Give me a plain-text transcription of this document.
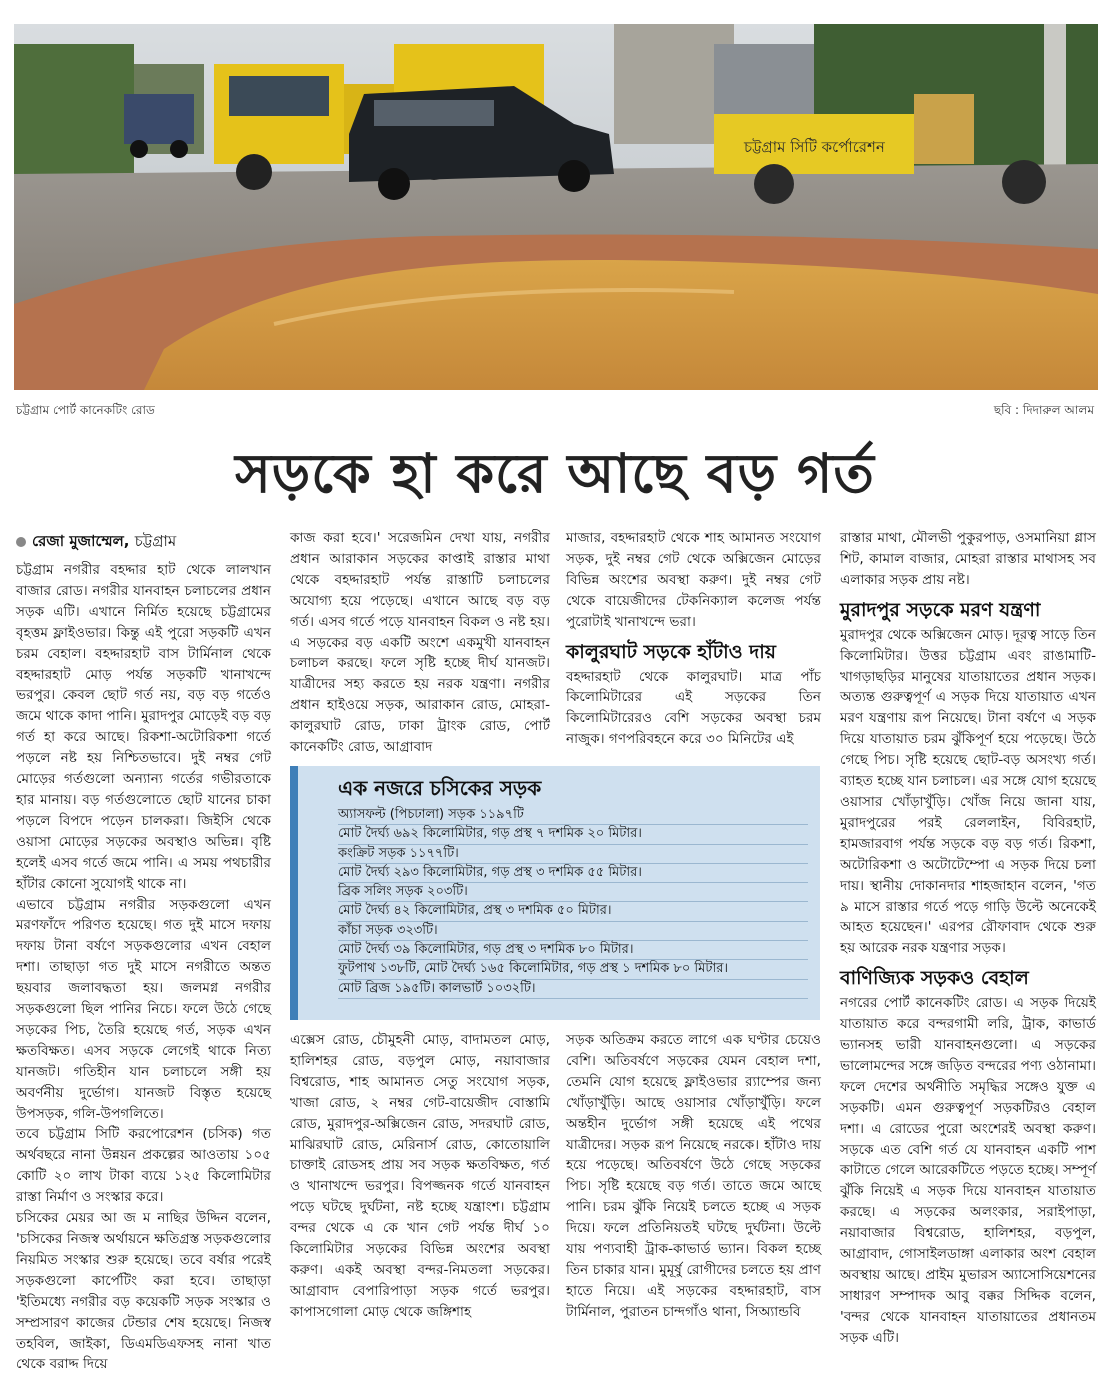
চট্টগ্রাম সিটি কর্পোরেশন
চট্টগ্রাম পোর্ট কানেকটিং রোড	ছবি : দিদারুল আলম
সড়কে হা করে আছে বড় গর্ত
রেজা মুজাম্মেল, চট্টগ্রাম

চট্টগ্রাম নগরীর বহদ্দার হাট থেকে লালখান বাজার রোড। নগরীর যানবাহন চলাচলের প্রধান সড়ক এটি। এখানে নির্মিত হয়েছে চট্টগ্রামের বৃহত্তম ফ্লাইওভার। কিন্তু এই পুরো সড়কটি এখন চরম বেহাল। বহদ্দারহাট বাস টার্মিনাল থেকে বহদ্দারহাট মোড় পর্যন্ত সড়কটি খানাখন্দে ভরপুর। কেবল ছোট গর্ত নয়, বড় বড় গর্তেও জমে থাকে কাদা পানি। মুরাদপুর মোড়েই বড় বড় গর্ত হা করে আছে। রিকশা-অটোরিকশা গর্তে পড়লে নষ্ট হয় নিশ্চিতভাবে। দুই নম্বর গেট মোড়ের গর্তগুলো অন্যান্য গর্তের গভীরতাকে হার মানায়। বড় গর্তগুলোতে ছোট যানের চাকা পড়লে বিপদে পড়েন চালকরা। জিইসি থেকে ওয়াসা মোড়ের সড়কের অবস্থাও অভিন্ন। বৃষ্টি হলেই এসব গর্তে জমে পানি। এ সময় পথচারীর হাঁটার কোনো সুযোগই থাকে না।

এভাবে চট্টগ্রাম নগরীর সড়কগুলো এখন মরণফাঁদে পরিণত হয়েছে। গত দুই মাসে দফায় দফায় টানা বর্ষণে সড়কগুলোর এখন বেহাল দশা। তাছাড়া গত দুই মাসে নগরীতে অন্তত ছয়বার জলাবদ্ধতা হয়। জলমগ্ন নগরীর সড়কগুলো ছিল পানির নিচে। ফলে উঠে গেছে সড়কের পিচ, তৈরি হয়েছে গর্ত, সড়ক এখন ক্ষতবিক্ষত। এসব সড়কে লেগেই থাকে নিত্য যানজট। গতিহীন যান চলাচলে সঙ্গী হয় অবর্ণনীয় দুর্ভোগ। যানজট বিস্তৃত হয়েছে উপসড়ক, গলি-উপগলিতে।

তবে চট্টগ্রাম সিটি করপোরেশন (চসিক) গত অর্থবছরে নানা উন্নয়ন প্রকল্পের আওতায় ১০৫ কোটি ২০ লাখ টাকা ব্যয়ে ১২৫ কিলোমিটার রাস্তা নির্মাণ ও সংস্কার করে।

চসিকের মেয়র আ জ ম নাছির উদ্দিন বলেন, 'চসিকের নিজস্ব অর্থায়নে ক্ষতিগ্রস্ত সড়কগুলোর নিয়মিত সংস্কার শুরু হয়েছে। তবে বর্ষার পরেই সড়কগুলো কার্পেটিং করা হবে। তাছাড়া 'ইতিমধ্যে নগরীর বড় কয়েকটি সড়ক সংস্কার ও সম্প্রসারণ কাজের টেন্ডার শেষ হয়েছে। নিজস্ব তহবিল, জাইকা, ডিএমডিএফসহ নানা খাত থেকে বরাদ্দ দিয়ে

কাজ করা হবে।' সরেজমিন দেখা যায়, নগরীর প্রধান আরাকান সড়কের কাপ্তাই রাস্তার মাথা থেকে বহদ্দারহাট পর্যন্ত রাস্তাটি চলাচলের অযোগ্য হয়ে পড়েছে। এখানে আছে বড় বড় গর্ত। এসব গর্তে পড়ে যানবাহন বিকল ও নষ্ট হয়। এ সড়কের বড় একটি অংশে একমুখী যানবাহন চলাচল করছে। ফলে সৃষ্টি হচ্ছে দীর্ঘ যানজট। যাত্রীদের সহ্য করতে হয় নরক যন্ত্রণা। নগরীর প্রধান হাইওয়ে সড়ক, আরাকান রোড, মোহরা-কালুরঘাট রোড, ঢাকা ট্রাংক রোড, পোর্ট কানেকটিং রোড, আগ্রাবাদ

মাজার, বহদ্দারহাট থেকে শাহ আমানত সংযোগ সড়ক, দুই নম্বর গেট থেকে অক্সিজেন মোড়ের বিভিন্ন অংশের অবস্থা করুণ। দুই নম্বর গেট থেকে বায়েজীদের টেকনিক্যাল কলেজ পর্যন্ত পুরোটাই খানাখন্দে ভরা।

কালুরঘাট সড়কে হাঁটাও দায়

বহদ্দারহাট থেকে কালুরঘাট। মাত্র পাঁচ কিলোমিটারের এই সড়কের তিন কিলোমিটারেরও বেশি সড়কের অবস্থা চরম নাজুক। গণপরিবহনে করে ৩০ মিনিটের এই

এক নজরে চসিকের সড়ক
অ্যাসফল্ট (পিচঢালা) সড়ক ১১৯৭টি
মোট দৈর্ঘ্য ৬৯২ কিলোমিটার, গড় প্রস্থ ৭ দশমিক ২০ মিটার।
কংক্রিট সড়ক ১১৭৭টি।
মোট দৈর্ঘ্য ২৯৩ কিলোমিটার, গড় প্রস্থ ৩ দশমিক ৫৫ মিটার।
ব্রিক সলিং সড়ক ২০৩টি।
মোট দৈর্ঘ্য ৪২ কিলোমিটার, প্রস্থ ৩ দশমিক ৫০ মিটার।
কাঁচা সড়ক ৩২৩টি।
মোট দৈর্ঘ্য ৩৯ কিলোমিটার, গড় প্রস্থ ৩ দশমিক ৮০ মিটার।
ফুটপাথ ১৩৮টি, মোট দৈর্ঘ্য ১৬৫ কিলোমিটার, গড় প্রস্থ ১ দশমিক ৮০ মিটার।
মোট ব্রিজ ১৯৫টি। কালভার্ট ১০৩২টি।

রাস্তার মাথা, মৌলভী পুকুরপাড়, ওসমানিয়া গ্লাস শিট, কামাল বাজার, মোহরা রাস্তার মাথাসহ সব এলাকার সড়ক প্রায় নষ্ট।

মুরাদপুর সড়কে মরণ যন্ত্রণা

মুরাদপুর থেকে অক্সিজেন মোড়। দূরত্ব সাড়ে তিন কিলোমিটার। উত্তর চট্টগ্রাম এবং রাঙামাটি-খাগড়াছড়ির মানুষের যাতায়াতের প্রধান সড়ক। অত্যন্ত গুরুত্বপূর্ণ এ সড়ক দিয়ে যাতায়াত এখন মরণ যন্ত্রণায় রূপ নিয়েছে। টানা বর্ষণে এ সড়ক দিয়ে যাতায়াত চরম ঝুঁকিপূর্ণ হয়ে পড়েছে। উঠে গেছে পিচ। সৃষ্টি হয়েছে ছোট-বড় অসংখ্য গর্ত। ব্যাহত হচ্ছে যান চলাচল। এর সঙ্গে যোগ হয়েছে ওয়াসার খোঁড়াখুঁড়ি। খোঁজ নিয়ে জানা যায়, মুরাদপুরের পরই রেললাইন, বিবিরহাট, হামজারবাগ পর্যন্ত সড়কে বড় বড় গর্ত। রিকশা, অটোরিকশা ও অটোটেম্পো এ সড়ক দিয়ে চলা দায়। স্থানীয় দোকানদার শাহজাহান বলেন, 'গত ৯ মাসে রাস্তার গর্তে পড়ে গাড়ি উল্টে অনেকেই আহত হয়েছেন।' এরপর রৌফাবাদ থেকে শুরু হয় আরেক নরক যন্ত্রণার সড়ক।

বাণিজ্যিক সড়কও বেহাল

নগরের পোর্ট কানেকটিং রোড। এ সড়ক দিয়েই যাতায়াত করে বন্দরগামী লরি, ট্রাক, কাভার্ড ভ্যানসহ ভারী যানবাহনগুলো। এ সড়কের ভালোমন্দের সঙ্গে জড়িত বন্দরের পণ্য ওঠানামা। ফলে দেশের অর্থনীতি সমৃদ্ধির সঙ্গেও যুক্ত এ সড়কটি। এমন গুরুত্বপূর্ণ সড়কটিরও বেহাল দশা। এ রোডের পুরো অংশেরই অবস্থা করুণ। সড়কে এত বেশি গর্ত যে যানবাহন একটি পাশ কাটাতে গেলে আরেকটিতে পড়তে হচ্ছে। সম্পূর্ণ ঝুঁকি নিয়েই এ সড়ক দিয়ে যানবাহন যাতায়াত করছে। এ সড়কের অলংকার, সরাইপাড়া, নয়াবাজার বিশ্বরোড, হালিশহর, বড়পুল, আগ্রাবাদ, গোসাইলডাঙ্গা এলাকার অংশ বেহাল অবস্থায় আছে। প্রাইম মুভারস অ্যাসোসিয়েশনের সাধারণ সম্পাদক আবু বক্কর সিদ্দিক বলেন, 'বন্দর থেকে যানবাহন যাতায়াতের প্রধানতম সড়ক এটি।

এক্সেস রোড, চৌমুহনী মোড়, বাদামতল মোড়, হালিশহর রোড, বড়পুল মোড়, নয়াবাজার বিশ্বরোড, শাহ আমানত সেতু সংযোগ সড়ক, খাজা রোড, ২ নম্বর গেট-বায়েজীদ বোস্তামি রোড, মুরাদপুর-অক্সিজেন রোড, সদরঘাট রোড, মাঝিরঘাট রোড, মেরিনার্স রোড, কোতোয়ালি চাক্তাই রোডসহ প্রায় সব সড়ক ক্ষতবিক্ষত, গর্ত ও খানাখন্দে ভরপুর। বিপজ্জনক গর্তে যানবাহন পড়ে ঘটছে দুর্ঘটনা, নষ্ট হচ্ছে যন্ত্রাংশ। চট্টগ্রাম বন্দর থেকে এ কে খান গেট পর্যন্ত দীর্ঘ ১০ কিলোমিটার সড়কের বিভিন্ন অংশের অবস্থা করুণ। একই অবস্থা বন্দর-নিমতলা সড়কের। আগ্রাবাদ বেপারিপাড়া সড়ক গর্তে ভরপুর। কাপাসগোলা মোড় থেকে জঙ্গিশাহ

সড়ক অতিক্রম করতে লাগে এক ঘণ্টার চেয়েও বেশি। অতিবর্ষণে সড়কের যেমন বেহাল দশা, তেমনি যোগ হয়েছে ফ্লাইওভার র‍্যাম্পের জন্য খোঁড়াখুঁড়ি। আছে ওয়াসার খোঁড়াখুঁড়ি। ফলে অন্তহীন দুর্ভোগ সঙ্গী হয়েছে এই পথের যাত্রীদের। সড়ক রূপ নিয়েছে নরকে। হাঁটাও দায় হয়ে পড়েছে। অতিবর্ষণে উঠে গেছে সড়কের পিচ। সৃষ্টি হয়েছে বড় গর্ত। তাতে জমে আছে পানি। চরম ঝুঁকি নিয়েই চলতে হচ্ছে এ সড়ক দিয়ে। ফলে প্রতিনিয়তই ঘটছে দুর্ঘটনা। উল্টে যায় পণ্যবাহী ট্রাক-কাভার্ড ভ্যান। বিকল হচ্ছে তিন চাকার যান। মুমূর্ষু রোগীদের চলতে হয় প্রাণ হাতে নিয়ে। এই সড়কের বহদ্দারহাট, বাস টার্মিনাল, পুরাতন চান্দগাঁও থানা, সিঅ্যান্ডবি
